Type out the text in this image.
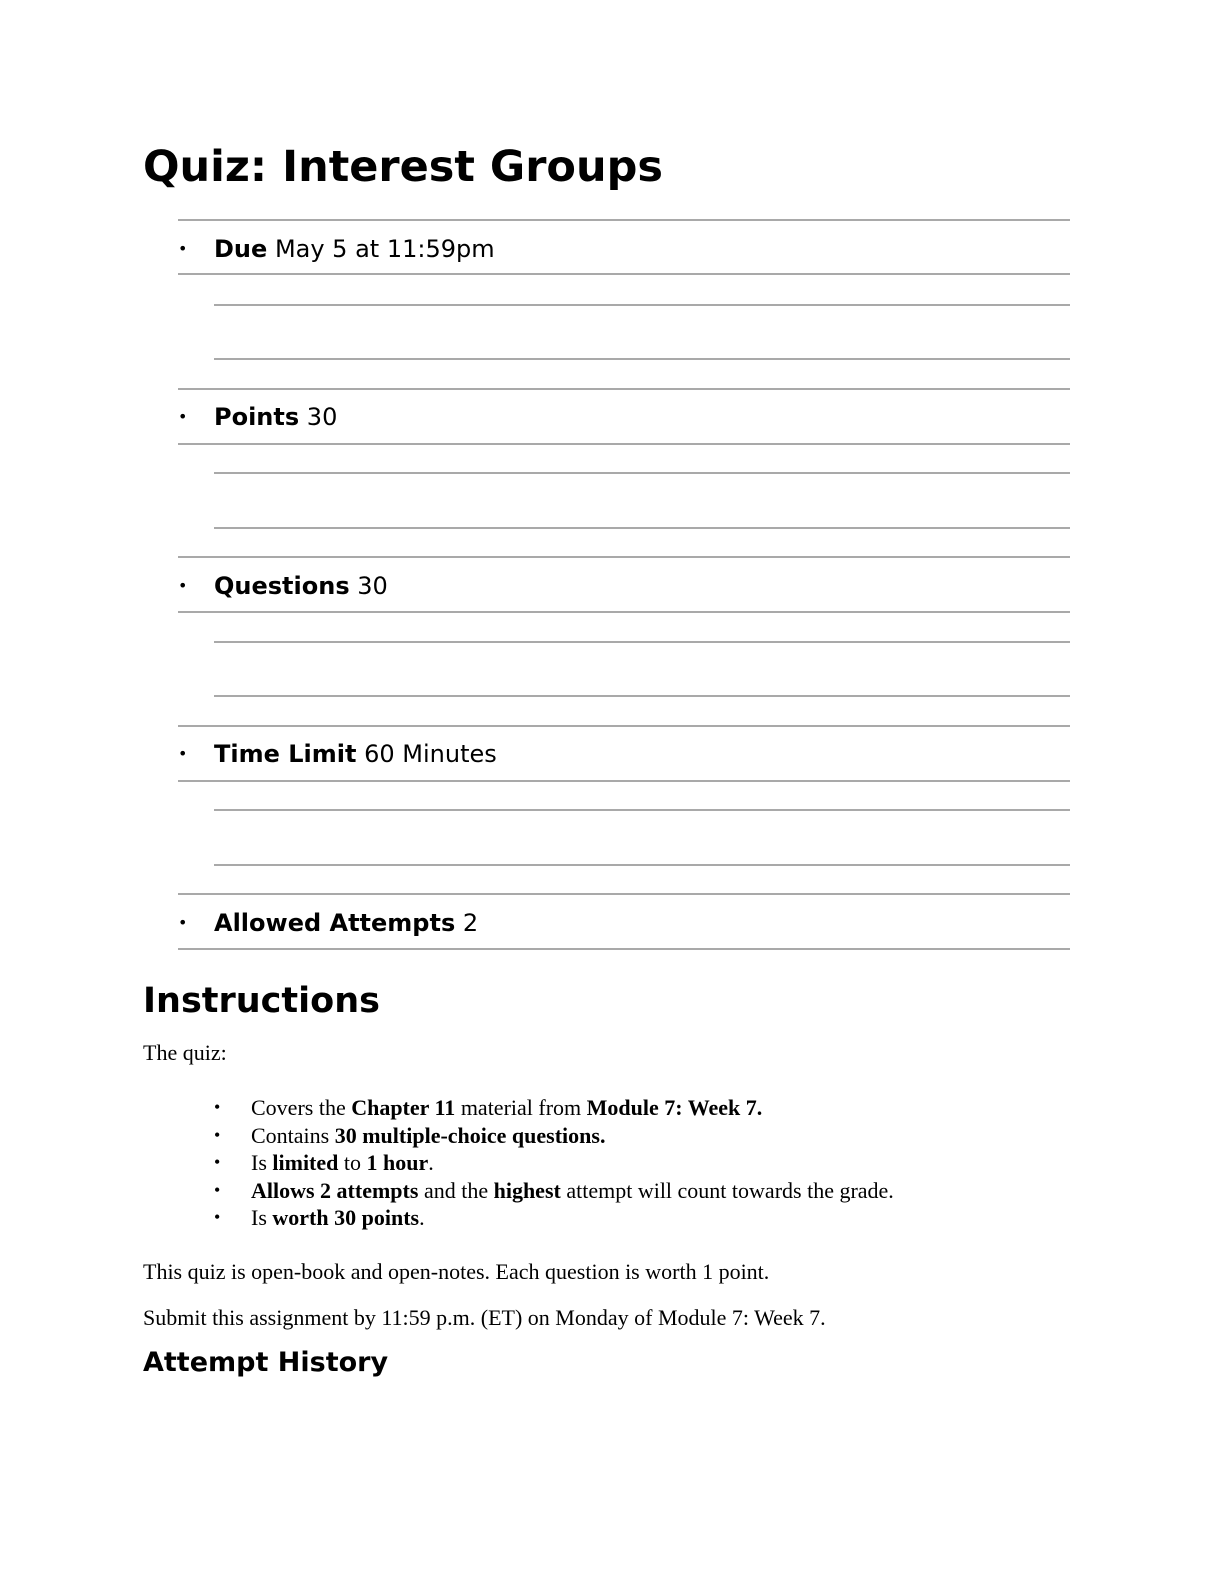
Quiz: Interest Groups
• Due May 5 at 11:59pm
• Points 30
• Questions 30
• Time Limit 60 Minutes
• Allowed Attempts 2
Instructions

The quiz:

• Covers the Chapter 11 material from Module 7: Week 7.
• Contains 30 multiple-choice questions.
• Is limited to 1 hour.
• Allows 2 attempts and the highest attempt will count towards the grade.
• Is worth 30 points.

This quiz is open-book and open-notes. Each question is worth 1 point.

Submit this assignment by 11:59 p.m. (ET) on Monday of Module 7: Week 7.

Attempt History
